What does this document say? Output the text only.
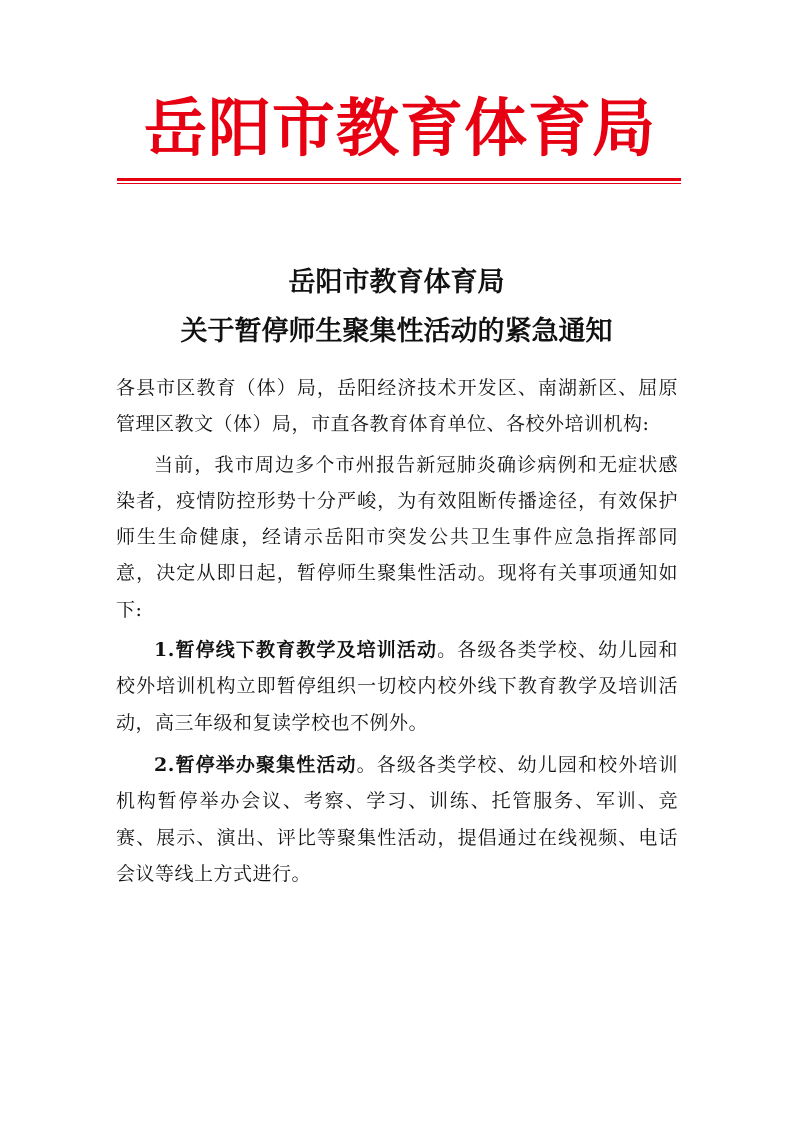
岳阳市教育体育局
岳阳市教育体育局
关于暂停师生聚集性活动的紧急通知

各县市区教育（体）局，岳阳经济技术开发区、南湖新区、屈原管理区教文（体）局，市直各教育体育单位、各校外培训机构:

当前，我市周边多个市州报告新冠肺炎确诊病例和无症状感染者，疫情防控形势十分严峻，为有效阻断传播途径，有效保护师生生命健康，经请示岳阳市突发公共卫生事件应急指挥部同意，决定从即日起，暂停师生聚集性活动。现将有关事项通知如下:

1.暂停线下教育教学及培训活动。各级各类学校、幼儿园和校外培训机构立即暂停组织一切校内校外线下教育教学及培训活动，高三年级和复读学校也不例外。

2.暂停举办聚集性活动。各级各类学校、幼儿园和校外培训机构暂停举办会议、考察、学习、训练、托管服务、军训、竞赛、展示、演出、评比等聚集性活动，提倡通过在线视频、电话会议等线上方式进行。
